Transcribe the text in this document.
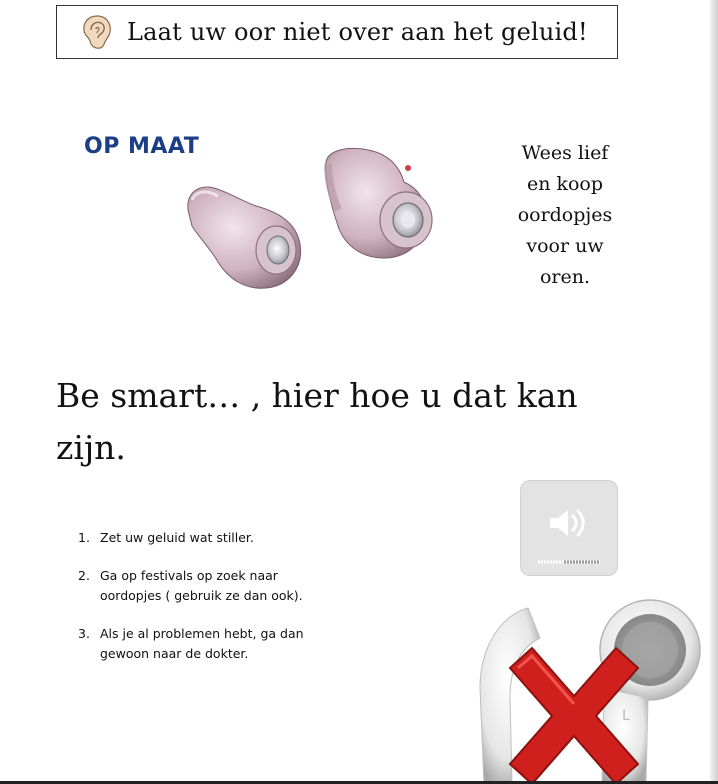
Laat uw oor niet over aan het geluid!
OP MAAT	Wees lief
en koop
oordopjes
voor uw
oren.
Be smart… , hier hoe u dat kan
zijn.
1. Zet uw geluid wat stiller.
2. Ga op festivals op zoek naar
oordopjes ( gebruik ze dan ook).
3. Als je al problemen hebt, ga dan
gewoon naar de dokter.
L
